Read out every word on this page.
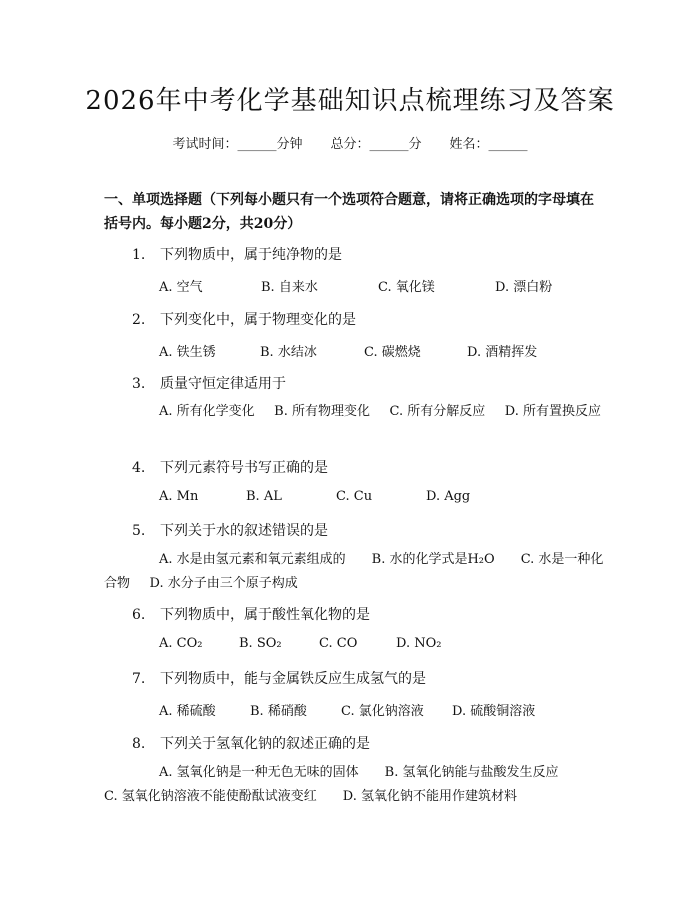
2026年中考化学基础知识点梳理练习及答案
考试时间：______分钟 总分：______分 姓名：______
一、单项选择题（下列每小题只有一个选项符合题意，请将正确选项的字母填在括号内。每小题2分，共20分）
1. 下列物质中，属于纯净物的是
A. 空气	B. 自来水	C. 氧化镁	D. 漂白粉
2. 下列变化中，属于物理变化的是
A. 铁生锈	B. 水结冰	C. 碳燃烧	D. 酒精挥发
3. 质量守恒定律适用于
A. 所有化学变化   B. 所有物理变化   C. 所有分解反应   D. 所有置换反应
4. 下列元素符号书写正确的是
A. Mn	B. AL	C. Cu	D. Agg
5. 下列关于水的叙述错误的是
A. 水是由氢元素和氧元素组成的   B. 水的化学式是H₂O   C. 水是一种化合物   D. 水分子由三个原子构成
6. 下列物质中，属于酸性氧化物的是
A. CO₂	B. SO₂	C. CO	D. NO₂
7. 下列物质中，能与金属铁反应生成氢气的是
A. 稀硫酸	B. 稀硝酸	C. 氯化钠溶液 D. 硫酸铜溶液
8. 下列关于氢氧化钠的叙述正确的是
A. 氢氧化钠是一种无色无味的固体   B. 氢氧化钠能与盐酸发生反应
C. 氢氧化钠溶液不能使酚酞试液变红   D. 氢氧化钠不能用作建筑材料
